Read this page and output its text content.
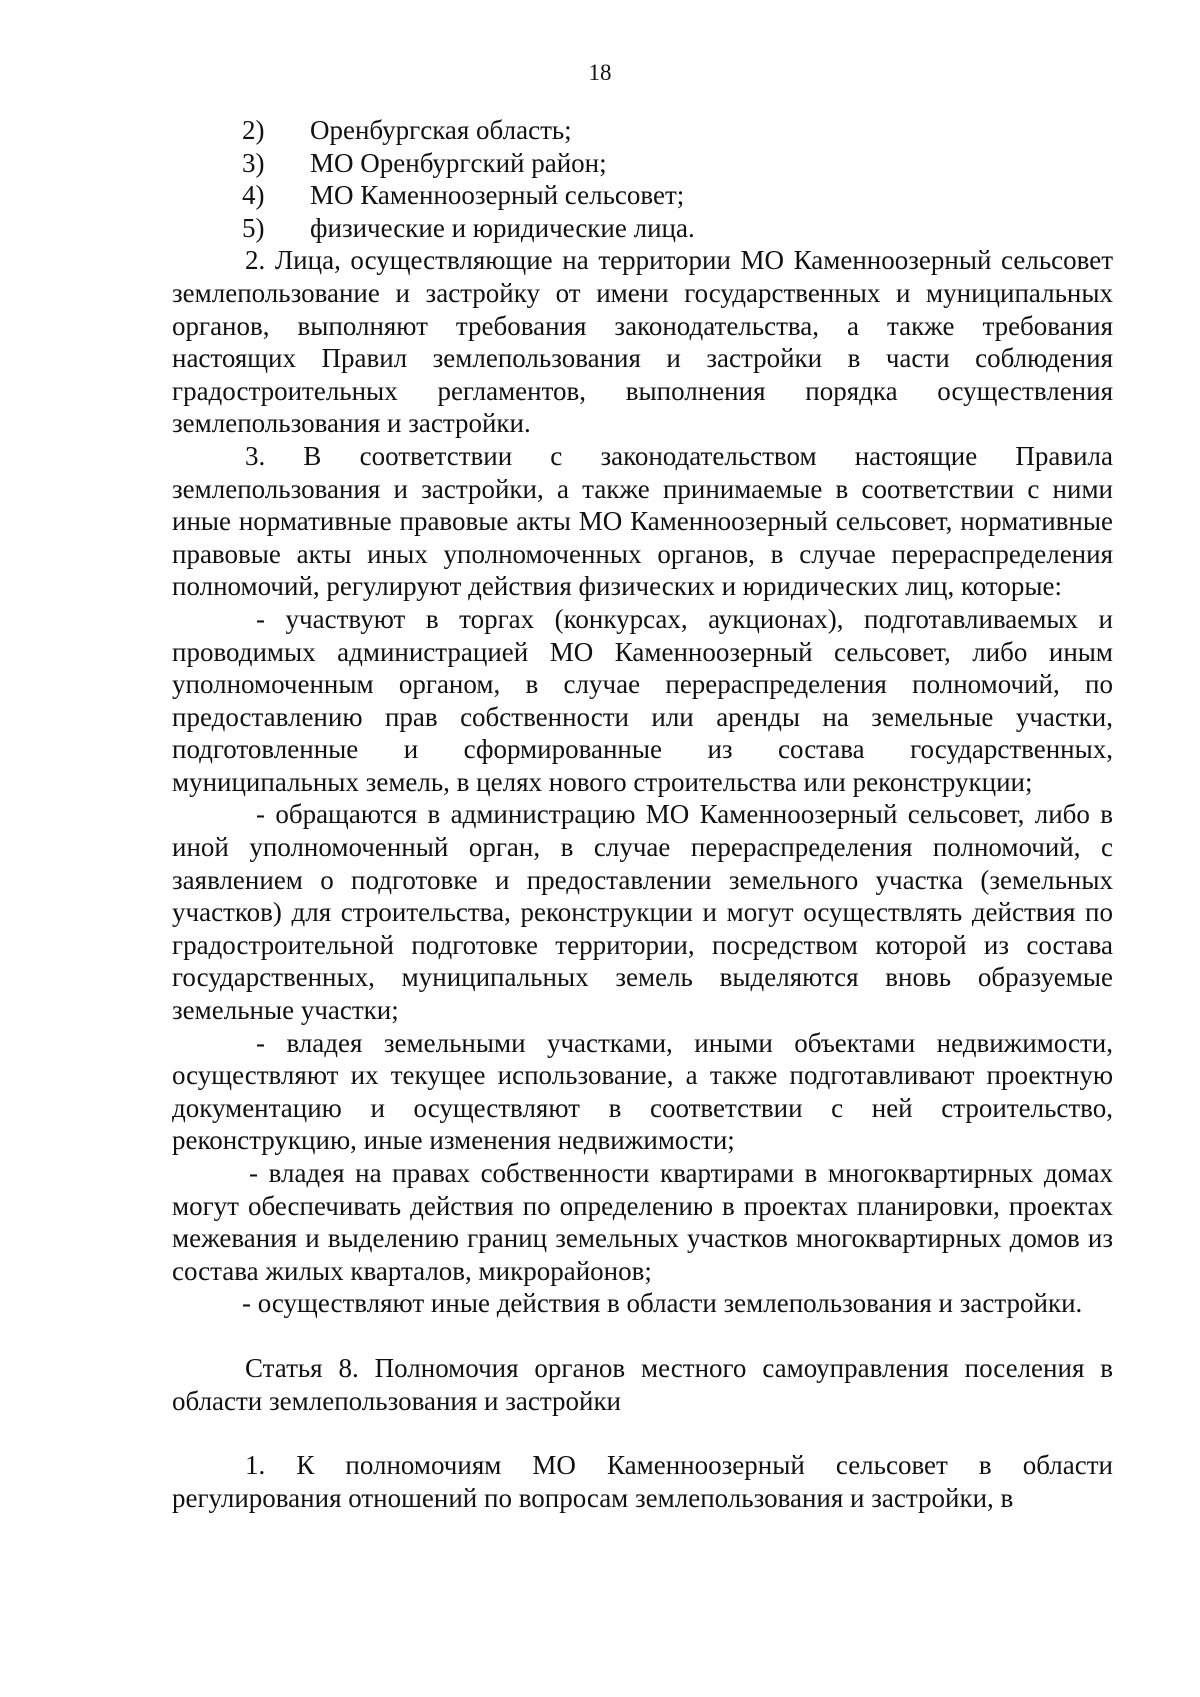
18
2)	Оренбургская область;
3)	МО Оренбургский район;
4)	МО Каменноозерный сельсовет;
5)	физические и юридические лица.

2. Лица, осуществляющие на территории МО Каменноозерный сельсовет землепользование и застройку от имени государственных и муниципальных органов, выполняют требования законодательства, а также требования настоящих Правил землепользования и застройки в части соблюдения градостроительных регламентов, выполнения порядка осуществления землепользования и застройки.

3. В соответствии с законодательством настоящие Правила землепользования и застройки, а также принимаемые в соответствии с ними иные нормативные правовые акты МО Каменноозерный сельсовет, нормативные правовые акты иных уполномоченных органов, в случае перераспределения полномочий, регулируют действия физических и юридических лиц, которые:

- участвуют в торгах (конкурсах, аукционах), подготавливаемых и проводимых администрацией МО Каменноозерный сельсовет, либо иным уполномоченным органом, в случае перераспределения полномочий, по предоставлению прав собственности или аренды на земельные участки, подготовленные и сформированные из состава государственных, муниципальных земель, в целях нового строительства или реконструкции;

- обращаются в администрацию МО Каменноозерный сельсовет, либо в иной уполномоченный орган, в случае перераспределения полномочий, с заявлением о подготовке и предоставлении земельного участка (земельных участков) для строительства, реконструкции и могут осуществлять действия по градостроительной подготовке территории, посредством которой из состава государственных, муниципальных земель выделяются вновь образуемые земельные участки;

- владея земельными участками, иными объектами недвижимости, осуществляют их текущее использование, а также подготавливают проектную документацию и осуществляют в соответствии с ней строительство, реконструкцию, иные изменения недвижимости;

- владея на правах собственности квартирами в многоквартирных домах могут обеспечивать действия по определению в проектах планировки, проектах межевания и выделению границ земельных участков многоквартирных домов из состава жилых кварталов, микрорайонов;

- осуществляют иные действия в области землепользования и застройки.

Статья 8. Полномочия органов местного самоуправления поселения в области землепользования и застройки

1. К полномочиям МО Каменноозерный сельсовет в области регулирования отношений по вопросам землепользования и застройки, в
